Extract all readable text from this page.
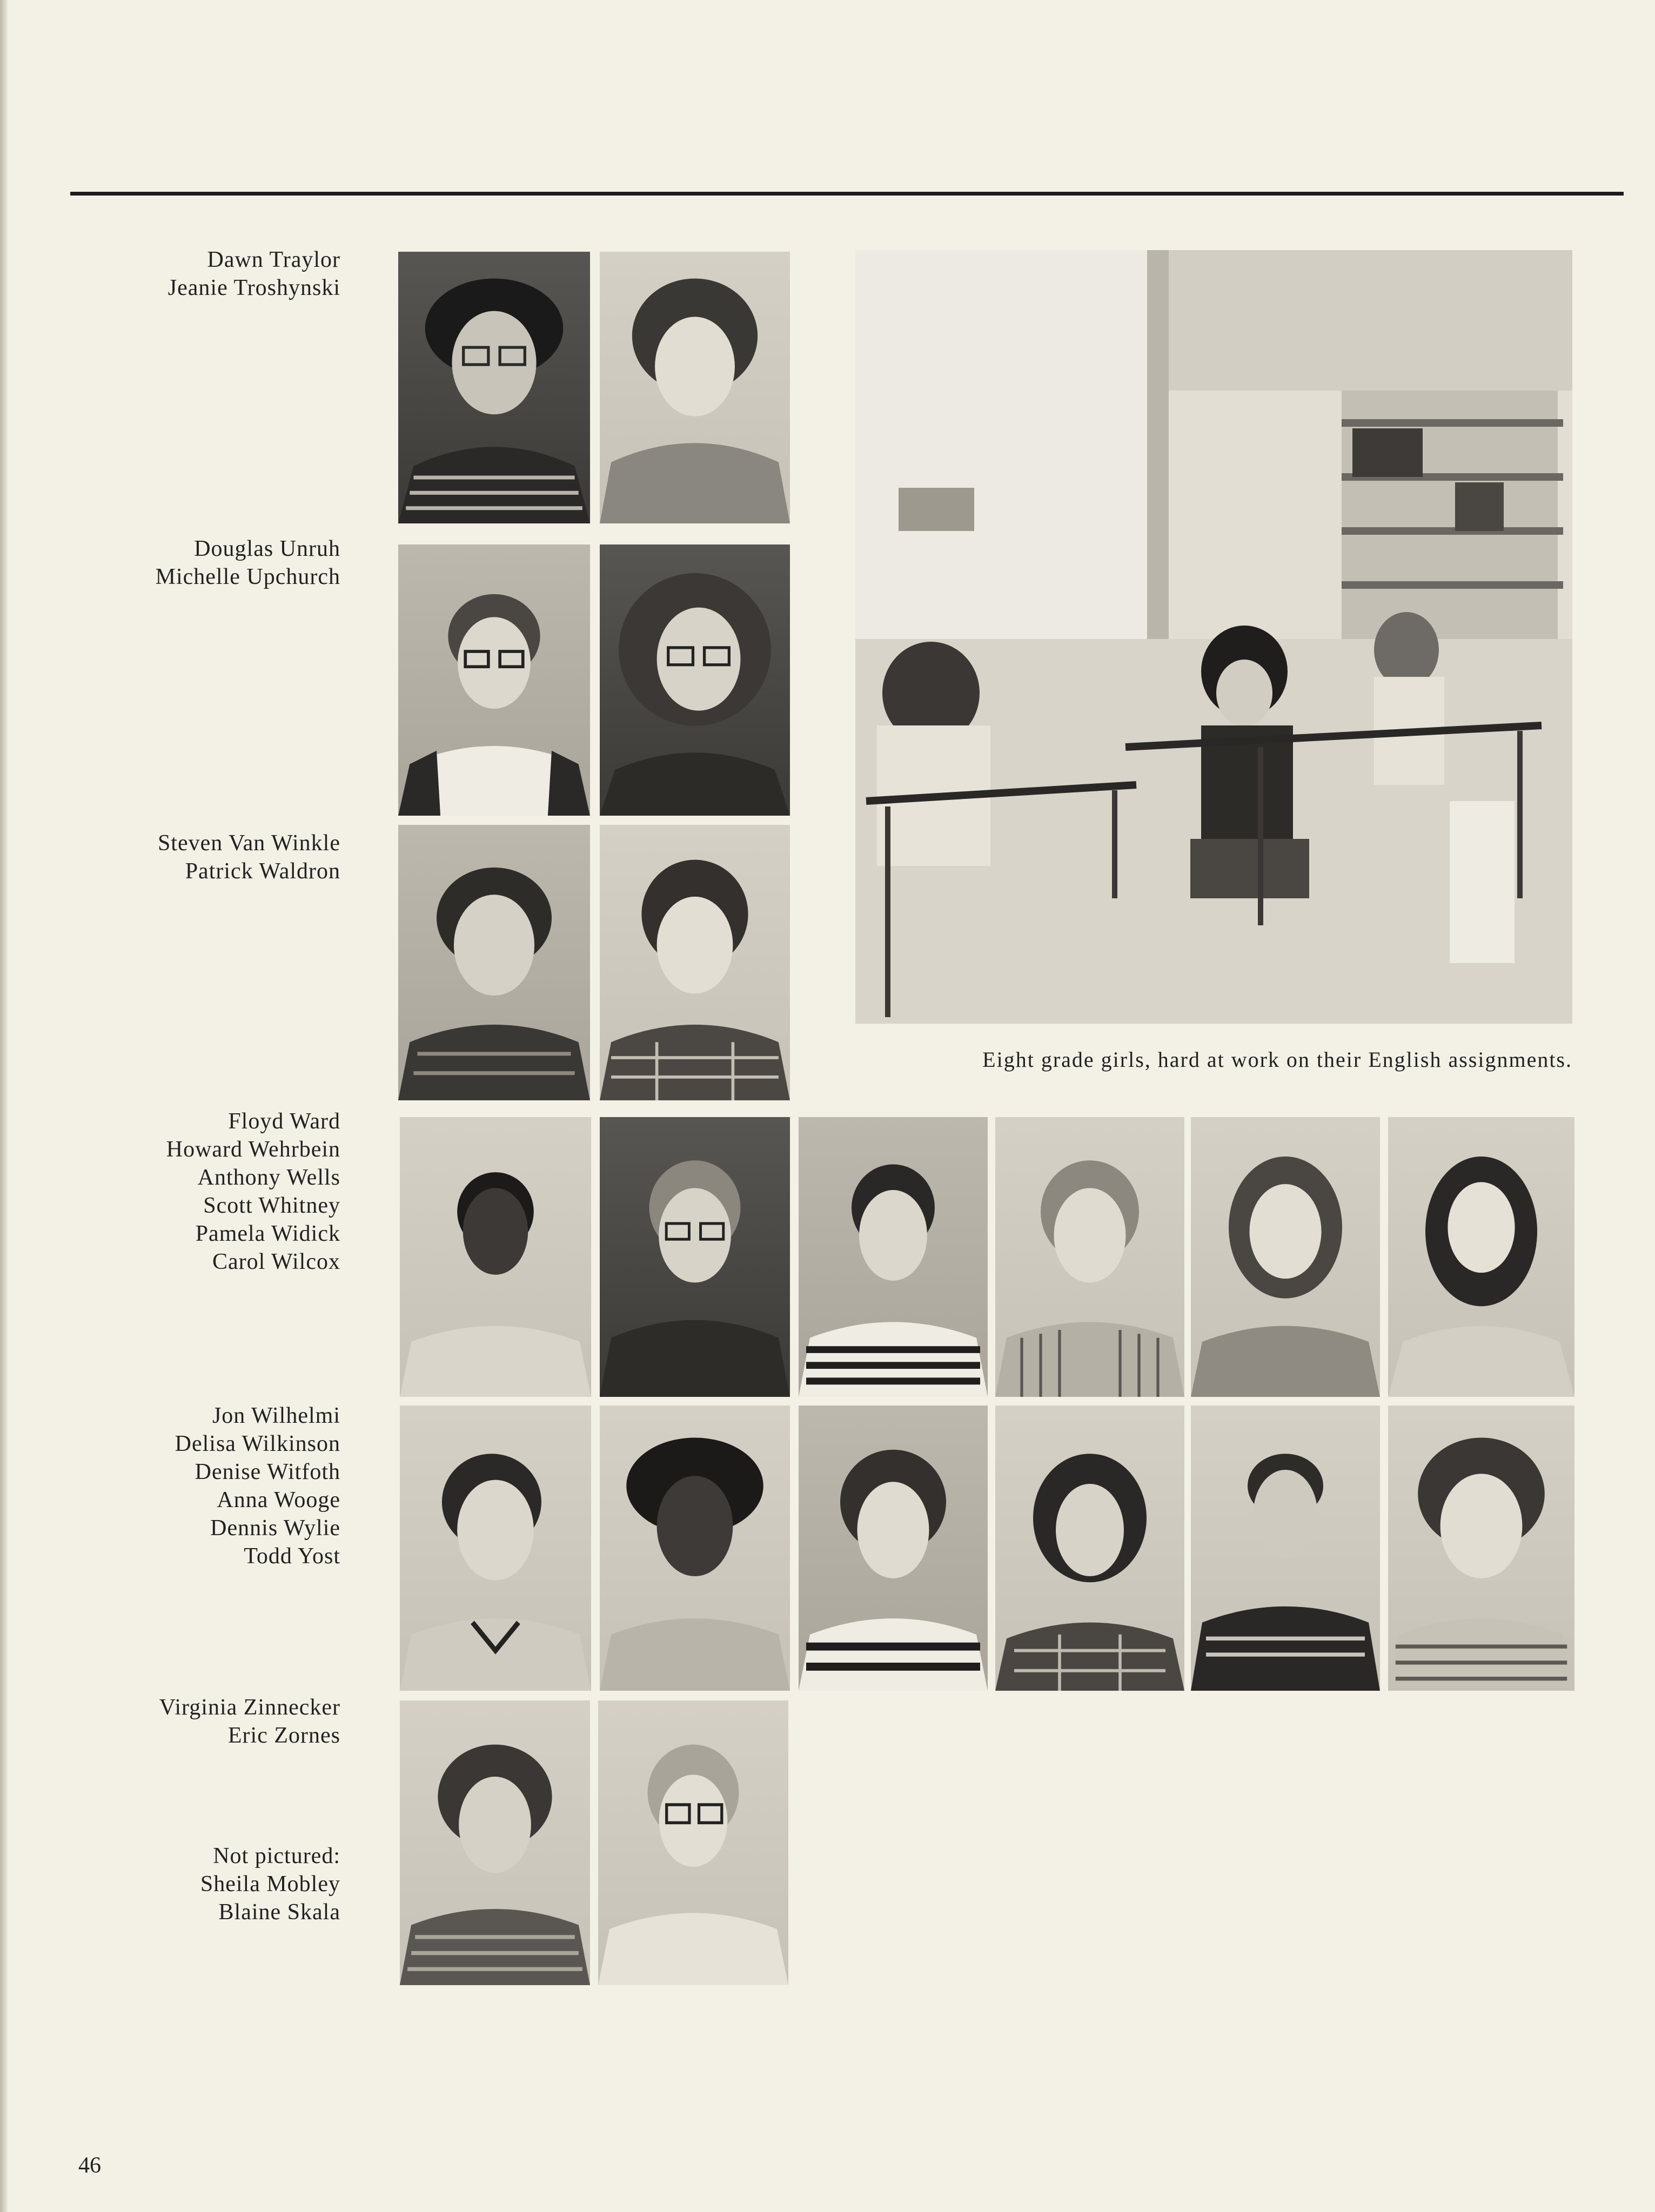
Dawn Traylor
Jeanie Troshynski
Douglas Unruh
Michelle Upchurch
Steven Van Winkle
Patrick Waldron
Floyd Ward
Howard Wehrbein
Anthony Wells
Scott Whitney
Pamela Widick
Carol Wilcox
Jon Wilhelmi
Delisa Wilkinson
Denise Witfoth
Anna Wooge
Dennis Wylie
Todd Yost
Virginia Zinnecker
Eric Zornes
Not pictured:
Sheila Mobley
Blaine Skala
Eight grade girls, hard at work on their English assignments.
46
